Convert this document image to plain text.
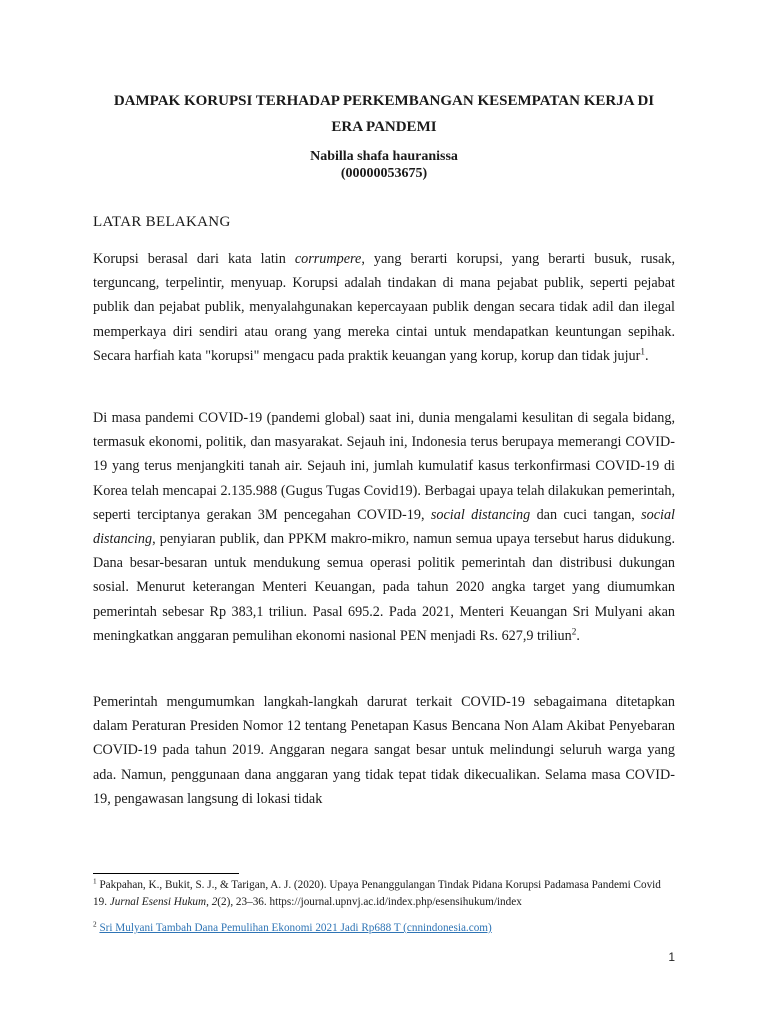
DAMPAK KORUPSI TERHADAP PERKEMBANGAN KESEMPATAN KERJA DI
ERA PANDEMI
Nabilla shafa hauranissa
(00000053675)
LATAR BELAKANG

Korupsi berasal dari kata latin corrumpere, yang berarti korupsi, yang berarti busuk, rusak, terguncang, terpelintir, menyuap. Korupsi adalah tindakan di mana pejabat publik, seperti pejabat publik dan pejabat publik, menyalahgunakan kepercayaan publik dengan secara tidak adil dan ilegal memperkaya diri sendiri atau orang yang mereka cintai untuk mendapatkan keuntungan sepihak. Secara harfiah kata "korupsi" mengacu pada praktik keuangan yang korup, korup dan tidak jujur$^1$.

Di masa pandemi COVID-19 (pandemi global) saat ini, dunia mengalami kesulitan di segala bidang, termasuk ekonomi, politik, dan masyarakat. Sejauh ini, Indonesia terus berupaya memerangi COVID-19 yang terus menjangkiti tanah air. Sejauh ini, jumlah kumulatif kasus terkonfirmasi COVID-19 di Korea telah mencapai 2.135.988 (Gugus Tugas Covid19). Berbagai upaya telah dilakukan pemerintah, seperti terciptanya gerakan 3M pencegahan COVID-19, social distancing dan cuci tangan, social distancing, penyiaran publik, dan PPKM makro-mikro, namun semua upaya tersebut harus didukung. Dana besar-besaran untuk mendukung semua operasi politik pemerintah dan distribusi dukungan sosial. Menurut keterangan Menteri Keuangan, pada tahun 2020 angka target yang diumumkan pemerintah sebesar Rp 383,1 triliun. Pasal 695.2. Pada 2021, Menteri Keuangan Sri Mulyani akan meningkatkan anggaran pemulihan ekonomi nasional PEN menjadi Rs. 627,9 triliun$^2$.

Pemerintah mengumumkan langkah-langkah darurat terkait COVID-19 sebagaimana ditetapkan dalam Peraturan Presiden Nomor 12 tentang Penetapan Kasus Bencana Non Alam Akibat Penyebaran COVID-19 pada tahun 2019. Anggaran negara sangat besar untuk melindungi seluruh warga yang ada. Namun, penggunaan dana anggaran yang tidak tepat tidak dikecualikan. Selama masa COVID-19, pengawasan langsung di lokasi tidak

$^1$ Pakpahan, K., Bukit, S. J., & Tarigan, A. J. (2020). Upaya Penanggulangan Tindak Pidana Korupsi Padamasa Pandemi Covid 19. Jurnal Esensi Hukum, 2(2), 23–36. https://journal.upnvj.ac.id/index.php/esensihukum/index

$^2$ Sri Mulyani Tambah Dana Pemulihan Ekonomi 2021 Jadi Rp688 T (cnnindonesia.com)

1
